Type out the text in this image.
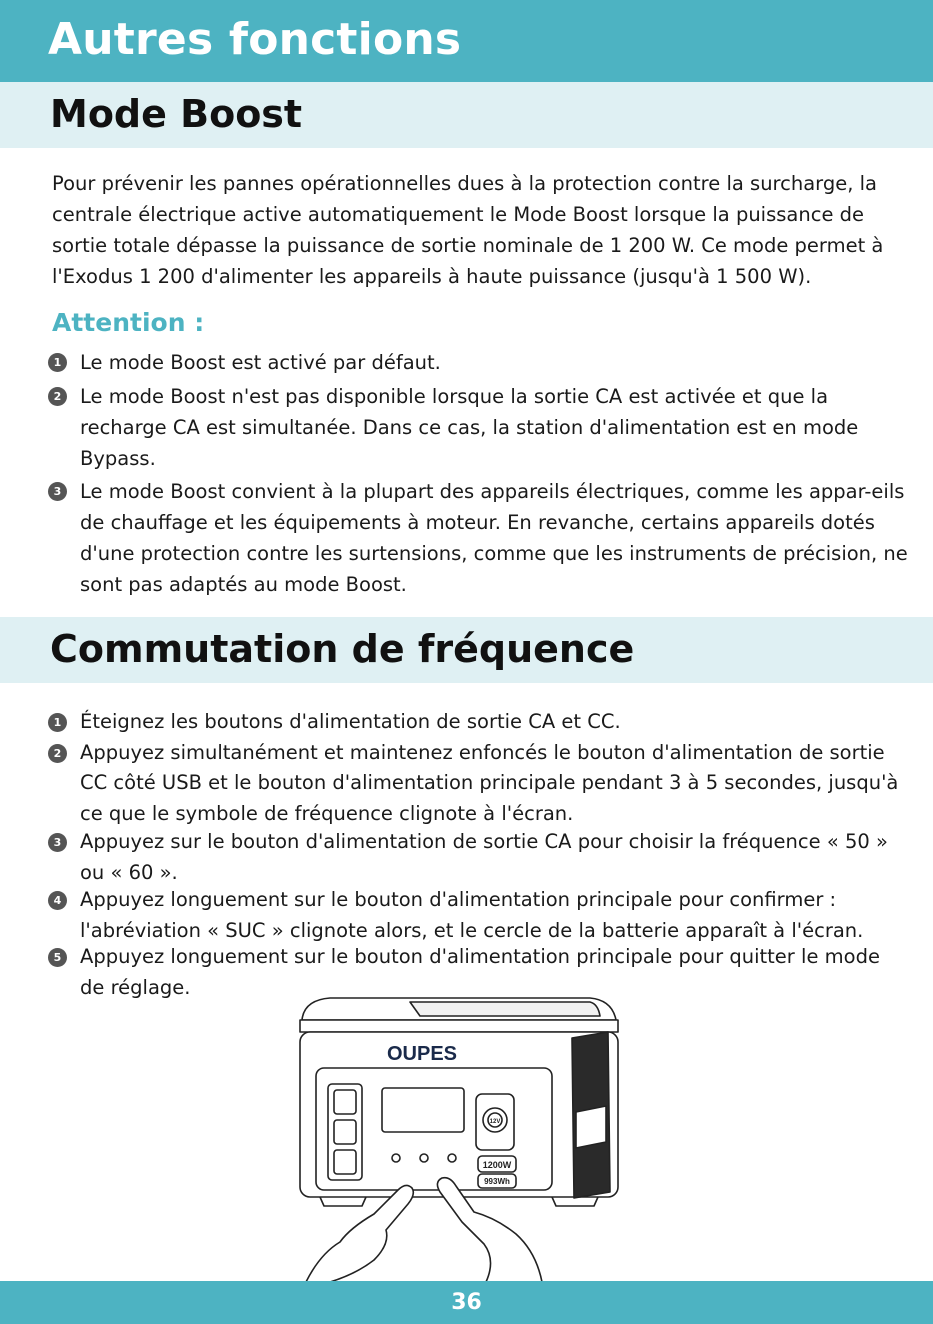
Autres fonctions
Mode Boost

Pour prévenir les pannes opérationnelles dues à la protection contre la surcharge, la centrale électrique active automatiquement le Mode Boost lorsque la puissance de sortie totale dépasse la puissance de sortie nominale de 1 200 W. Ce mode permet à l'Exodus 1 200 d'alimenter les appareils à haute puissance (jusqu'à 1 500 W).

Attention :
1 Le mode Boost est activé par défaut.
2 Le mode Boost n'est pas disponible lorsque la sortie CA est activée et que la recharge CA est simultanée. Dans ce cas, la station d'alimentation est en mode Bypass.
3 Le mode Boost convient à la plupart des appareils électriques, comme les appar-eils de chauffage et les équipements à moteur. En revanche, certains appareils dotés d'une protection contre les surtensions, comme que les instruments de précision, ne sont pas adaptés au mode Boost.
Commutation de fréquence
1 Éteignez les boutons d'alimentation de sortie CA et CC.
2 Appuyez simultanément et maintenez enfoncés le bouton d'alimentation de sortie CC côté USB et le bouton d'alimentation principale pendant 3 à 5 secondes, jusqu'à ce que le symbole de fréquence clignote à l'écran.
3 Appuyez sur le bouton d'alimentation de sortie CA pour choisir la fréquence « 50 » ou « 60 ».
4 Appuyez longuement sur le bouton d'alimentation principale pour confirmer : l'abréviation « SUC » clignote alors, et le cercle de la batterie apparaît à l'écran.
5 Appuyez longuement sur le bouton d'alimentation principale pour quitter le mode de réglage.
OUPES
1200W
993Wh
12V
36
